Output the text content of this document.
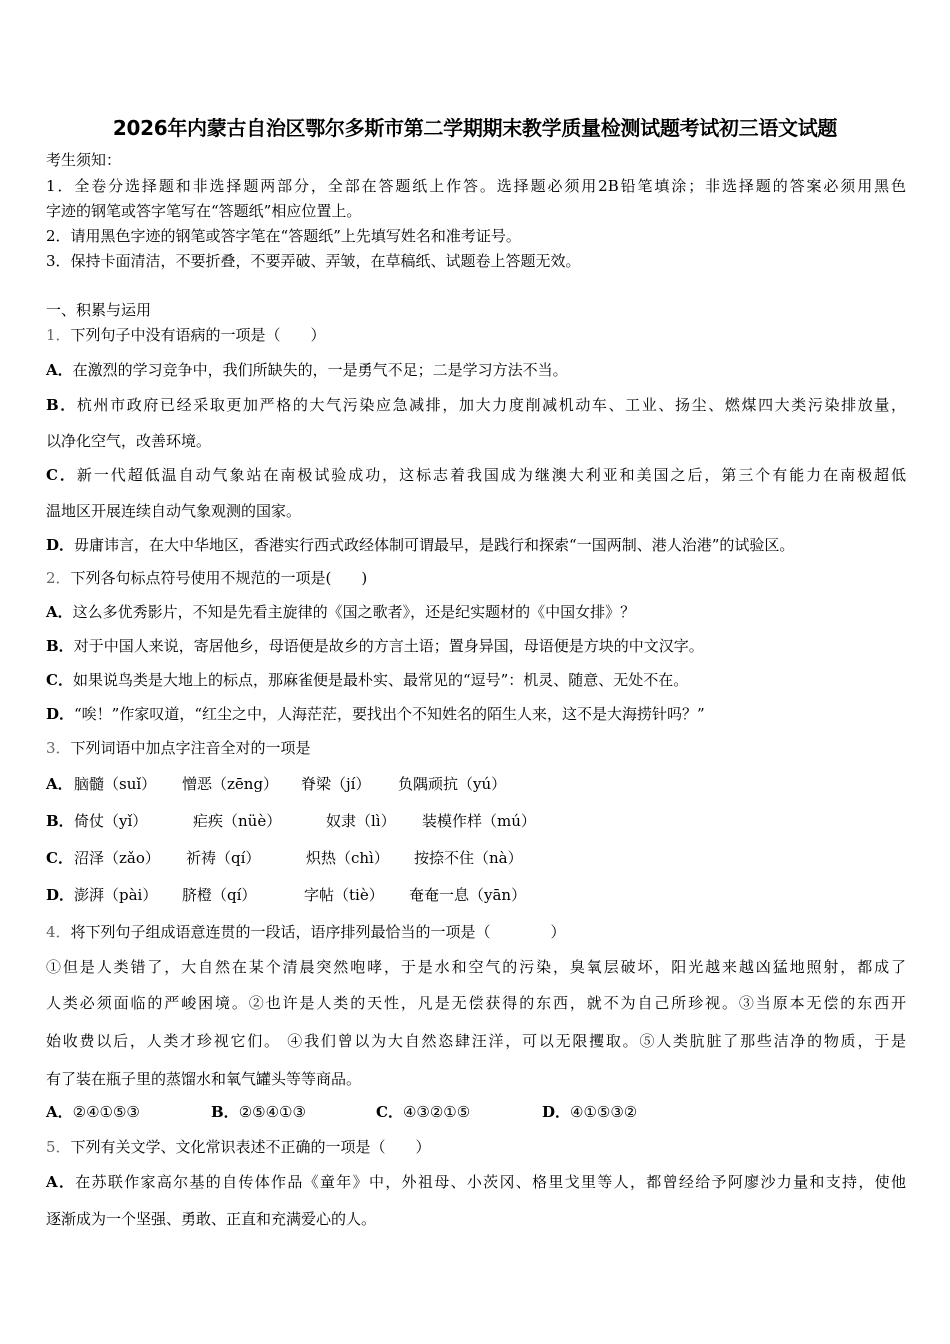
2026年内蒙古自治区鄂尔多斯市第二学期期末教学质量检测试题考试初三语文试题
考生须知：
1．全卷分选择题和非选择题两部分，全部在答题纸上作答。选择题必须用2B铅笔填涂；非选择题的答案必须用黑色
字迹的钢笔或答字笔写在“答题纸”相应位置上。
2．请用黑色字迹的钢笔或答字笔在“答题纸”上先填写姓名和准考证号。
3．保持卡面清洁，不要折叠，不要弄破、弄皱，在草稿纸、试题卷上答题无效。
一、积累与运用
1．下列句子中没有语病的一项是（　　）
A．在激烈的学习竞争中，我们所缺失的，一是勇气不足；二是学习方法不当。
B．杭州市政府已经采取更加严格的大气污染应急减排，加大力度削减机动车、工业、扬尘、燃煤四大类污染排放量，
以净化空气，改善环境。
C．新一代超低温自动气象站在南极试验成功，这标志着我国成为继澳大利亚和美国之后，第三个有能力在南极超低
温地区开展连续自动气象观测的国家。
D．毋庸讳言，在大中华地区，香港实行西式政经体制可谓最早，是践行和探索“一国两制、港人治港”的试验区。
2．下列各句标点符号使用不规范的一项是(　　)
A．这么多优秀影片，不知是先看主旋律的《国之歌者》，还是纪实题材的《中国女排》？
B．对于中国人来说，寄居他乡，母语便是故乡的方言土语；置身异国，母语便是方块的中文汉字。
C．如果说鸟类是大地上的标点，那麻雀便是最朴实、最常见的“逗号”：机灵、随意、无处不在。
D．“唉！”作家叹道，“红尘之中，人海茫茫，要找出个不知姓名的陌生人来，这不是大海捞针吗？”
3．下列词语中加点字注音全对的一项是
A． 脑髓（suǐ） 憎恶（zēng） 脊梁（jí） 负隅顽抗（yú）
B． 倚仗（yǐ）	疟疾（nüè）	奴隶（lì） 装模作样（mú）
C． 沼泽（zǎo） 祈祷（qí）	炽热（chì） 按捺不住（nà）
D． 澎湃（pài） 脐橙（qí）	字帖（tiè） 奄奄一息（yān）
4．将下列句子组成语意连贯的一段话，语序排列最恰当的一项是（　　　　）
①但是人类错了，大自然在某个清晨突然咆哮，于是水和空气的污染，臭氧层破坏，阳光越来越凶猛地照射，都成了
人类必须面临的严峻困境。②也许是人类的天性，凡是无偿获得的东西，就不为自己所珍视。③当原本无偿的东西开
始收费以后，人类才珍视它们。 ④我们曾以为大自然恣肆汪洋，可以无限攫取。⑤人类肮脏了那些洁净的物质，于是
有了装在瓶子里的蒸馏水和氧气罐头等等商品。
A．②④①⑤③	B．②⑤④①③	C．④③②①⑤	D．④①⑤③②
5．下列有关文学、文化常识表述不正确的一项是（　　）
A．在苏联作家高尔基的自传体作品《童年》中，外祖母、小茨冈、格里戈里等人，都曾经给予阿廖沙力量和支持，使他
逐渐成为一个坚强、勇敢、正直和充满爱心的人。
